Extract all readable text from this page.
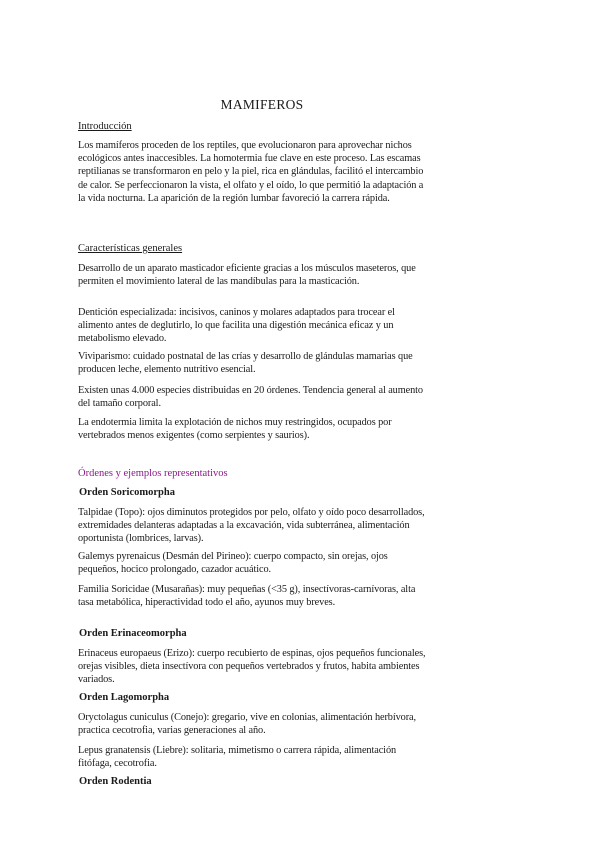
MAMIFEROS
Introducción

Los mamíferos proceden de los reptiles, que evolucionaron para aprovechar nichos ecológicos antes inaccesibles. La homotermia fue clave en este proceso. Las escamas reptilianas se transformaron en pelo y la piel, rica en glándulas, facilitó el intercambio de calor. Se perfeccionaron la vista, el olfato y el oído, lo que permitió la adaptación a la vida nocturna. La aparición de la región lumbar favoreció la carrera rápida.

Características generales

Desarrollo de un aparato masticador eficiente gracias a los músculos maseteros, que permiten el movimiento lateral de las mandíbulas para la masticación.

Dentición especializada: incisivos, caninos y molares adaptados para trocear el alimento antes de deglutirlo, lo que facilita una digestión mecánica eficaz y un metabolismo elevado.

Viviparismo: cuidado postnatal de las crías y desarrollo de glándulas mamarias que producen leche, elemento nutritivo esencial.

Existen unas 4.000 especies distribuidas en 20 órdenes. Tendencia general al aumento del tamaño corporal.

La endotermia limita la explotación de nichos muy restringidos, ocupados por vertebrados menos exigentes (como serpientes y saurios).

Órdenes y ejemplos representativos
Orden Soricomorpha

Talpidae (Topo): ojos diminutos protegidos por pelo, olfato y oído poco desarrollados, extremidades delanteras adaptadas a la excavación, vida subterránea, alimentación oportunista (lombrices, larvas).

Galemys pyrenaicus (Desmán del Pirineo): cuerpo compacto, sin orejas, ojos pequeños, hocico prolongado, cazador acuático.

Familia Soricidae (Musarañas): muy pequeñas (<35 g), insectívoras-carnívoras, alta tasa metabólica, hiperactividad todo el año, ayunos muy breves.

Orden Erinaceomorpha

Erinaceus europaeus (Erizo): cuerpo recubierto de espinas, ojos pequeños funcionales, orejas visibles, dieta insectívora con pequeños vertebrados y frutos, habita ambientes variados.

Orden Lagomorpha

Oryctolagus cuniculus (Conejo): gregario, vive en colonias, alimentación herbívora, practica cecotrofia, varias generaciones al año.

Lepus granatensis (Liebre): solitaria, mimetismo o carrera rápida, alimentación fitófaga, cecotrofia.

Orden Rodentia
